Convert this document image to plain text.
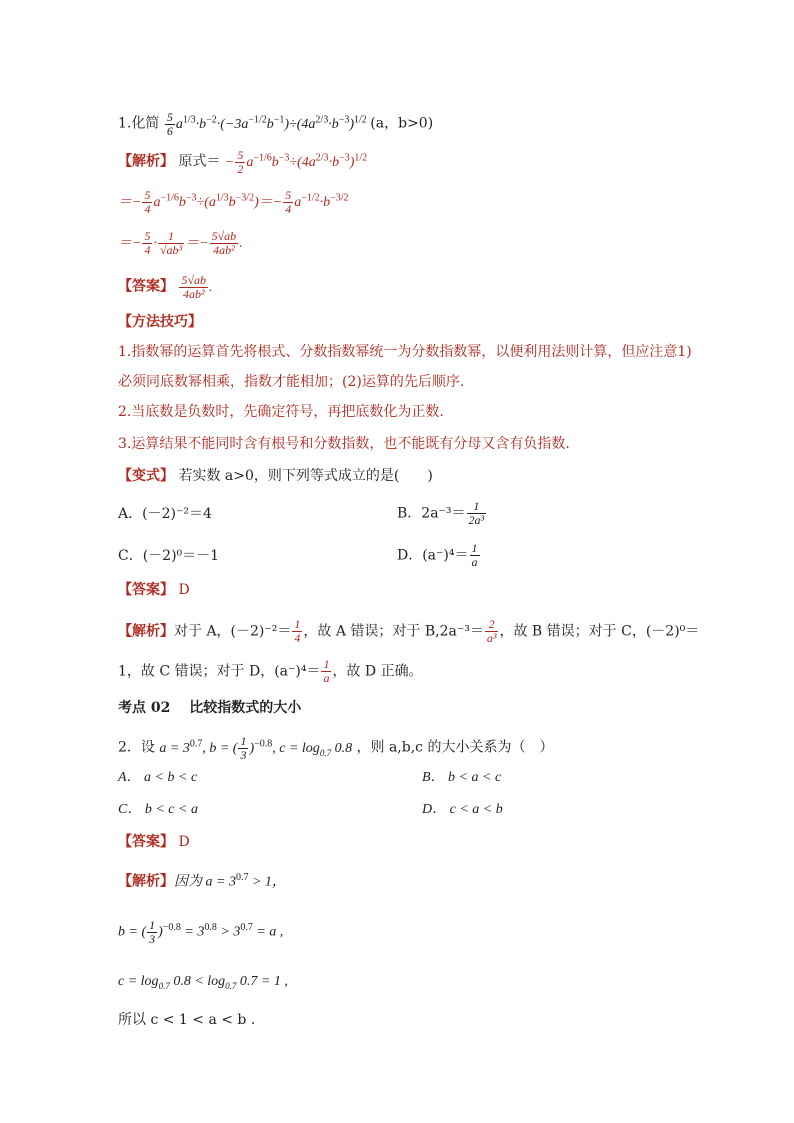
1.化简 $\frac{5}{6} a^{1/3}\cdot b^{-2}\cdot(-3a^{-1/2}b^{-1})\div(4a^{2/3}\cdot b^{-3})^{1/2}$ (a，b>0)
【解析】 原式＝ − $\frac{5}{2} a^{-1/6}b^{-3}\div(4a^{2/3}\cdot b^{-3})^{1/2}$
＝− $\frac{5}{4} a^{-1/6}b^{-3}\div(a^{1/3}b^{-3/2})=- \frac{5}{4} a^{-1/2}\cdot b^{-3/2}$
＝− $\frac{5}{4} \cdot \frac{1}{\text{√ab³}} =- \frac{5√ab}{\text{4ab²}}$ .
【答案】 $\frac{5√ab}{\text{4ab²}}$ .
【方法技巧】
1.指数幂的运算首先将根式、分数指数幂统一为分数指数幂，以便利用法则计算，但应注意1)
必须同底数幂相乘，指数才能相加；(2)运算的先后顺序.
2.当底数是负数时，先确定符号，再把底数化为正数.
3.运算结果不能同时含有根号和分数指数，也不能既有分母又含有负指数.
【变式】 若实数 a>0，则下列等式成立的是(　　)
A．(－2)⁻²＝4	B．$2a^{-3}= \frac{1}{\text{2a³}}$
C．(－2)⁰＝－1	D．$(a^-)^4= \frac{1}{a}$
【答案】 D
【解析】对于 A，$(-2)^{-2}= \frac{1}{4}$ ，故 A 错误；对于 $B,2a^{-3}= \frac{2}{\text{a³}}$ ，故 B 错误；对于 C，(－2)⁰＝
1，故 C 错误；对于 D，$(a^-)^4= \frac{1}{a}$ ，故 D 正确。
考点 02　 比较指数式的大小
2．设 $a = 3^{0.7}$, b = ( $\frac{1}{3} )^{-0.8}$, $c = \log_{0.7} 0.8$ ，则 a,b,c 的大小关系为（　）
A． a < b < c	B． b < a < c
C． b < c < a	D． c < a < b
【答案】 D
【解析】因为 $a = 3^{0.7} > 1$，
b = ( $\frac{1}{3} )^{-0.8} = 3^{0.8} > 3^{0.7} = a$ ,
$c = \log_{0.7} 0.8 < \log_{0.7} 0.7 = 1$ ,
所以 c < 1 < a < b .
